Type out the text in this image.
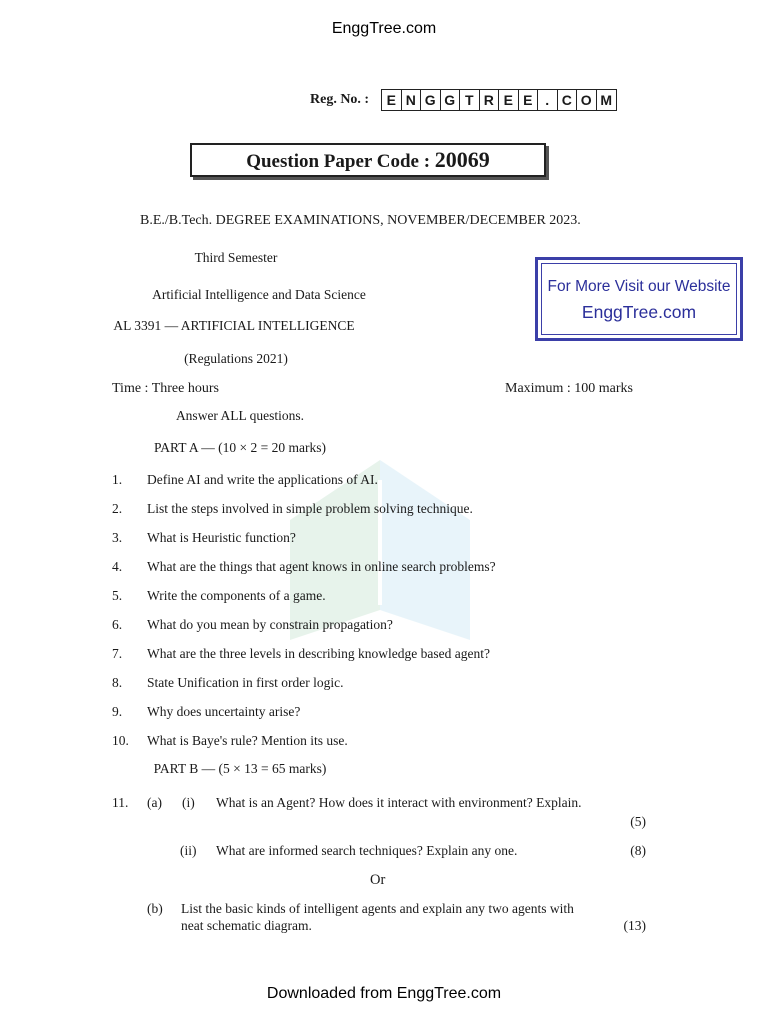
EnggTree.com
Reg. No. :	E N G G T R E E . C O M
Question Paper Code : 20069
B.E./B.Tech. DEGREE EXAMINATIONS, NOVEMBER/DECEMBER 2023.
Third Semester
Artificial Intelligence and Data Science
AL 3391 — ARTIFICIAL INTELLIGENCE
(Regulations 2021)
For More Visit our Website
EnggTree.com
Time : Three hours	Maximum : 100 marks
Answer ALL questions.
PART A — (10 × 2 = 20 marks)
1.	Define AI and write the applications of AI.
2.	List the steps involved in simple problem solving technique.
3.	What is Heuristic function?
4.	What are the things that agent knows in online search problems?
5.	Write the components of a game.
6.	What do you mean by constrain propagation?
7.	What are the three levels in describing knowledge based agent?
8.	State Unification in first order logic.
9.	Why does uncertainty arise?
10.	What is Baye's rule? Mention its use.
PART B — (5 × 13 = 65 marks)
11. (a) (i) What is an Agent? How does it interact with environment? Explain.
(5)
(ii) What are informed search techniques? Explain any one.	(8)
Or
(b) List the basic kinds of intelligent agents and explain any two agents with
neat schematic diagram.	(13)
Downloaded from EnggTree.com
